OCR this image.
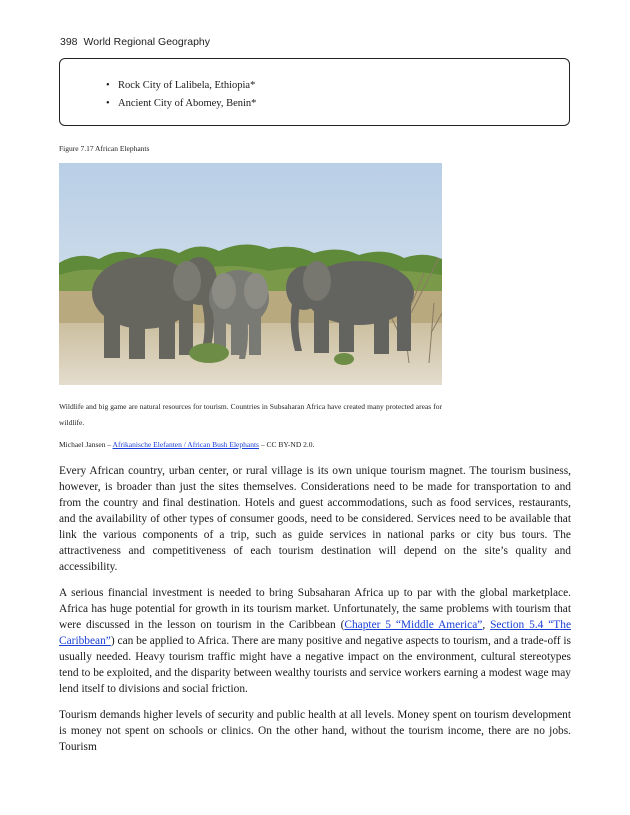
398 World Regional Geography
• Rock City of Lalibela, Ethiopia*
• Ancient City of Abomey, Benin*
Figure 7.17 African Elephants
Wildlife and big game are natural resources for tourism. Countries in Subsaharan Africa have created many protected areas for wildlife.
Michael Jansen – Afrikanische Elefanten / African Bush Elephants – CC BY-ND 2.0.

Every African country, urban center, or rural village is its own unique tourism magnet. The tourism business, however, is broader than just the sites themselves. Considerations need to be made for transportation to and from the country and final destination. Hotels and guest accommodations, such as food services, restaurants, and the availability of other types of consumer goods, need to be considered. Services need to be available that link the various components of a trip, such as guide services in national parks or city bus tours. The attractiveness and competitiveness of each tourism destination will depend on the site’s quality and accessibility.

A serious financial investment is needed to bring Subsaharan Africa up to par with the global marketplace. Africa has huge potential for growth in its tourism market. Unfortunately, the same problems with tourism that were discussed in the lesson on tourism in the Caribbean (Chapter 5 “Middle America”, Section 5.4 “The Caribbean”) can be applied to Africa. There are many positive and negative aspects to tourism, and a trade-off is usually needed. Heavy tourism traffic might have a negative impact on the environment, cultural stereotypes tend to be exploited, and the disparity between wealthy tourists and service workers earning a modest wage may lend itself to divisions and social friction.

Tourism demands higher levels of security and public health at all levels. Money spent on tourism development is money not spent on schools or clinics. On the other hand, without the tourism income, there are no jobs. Tourism
